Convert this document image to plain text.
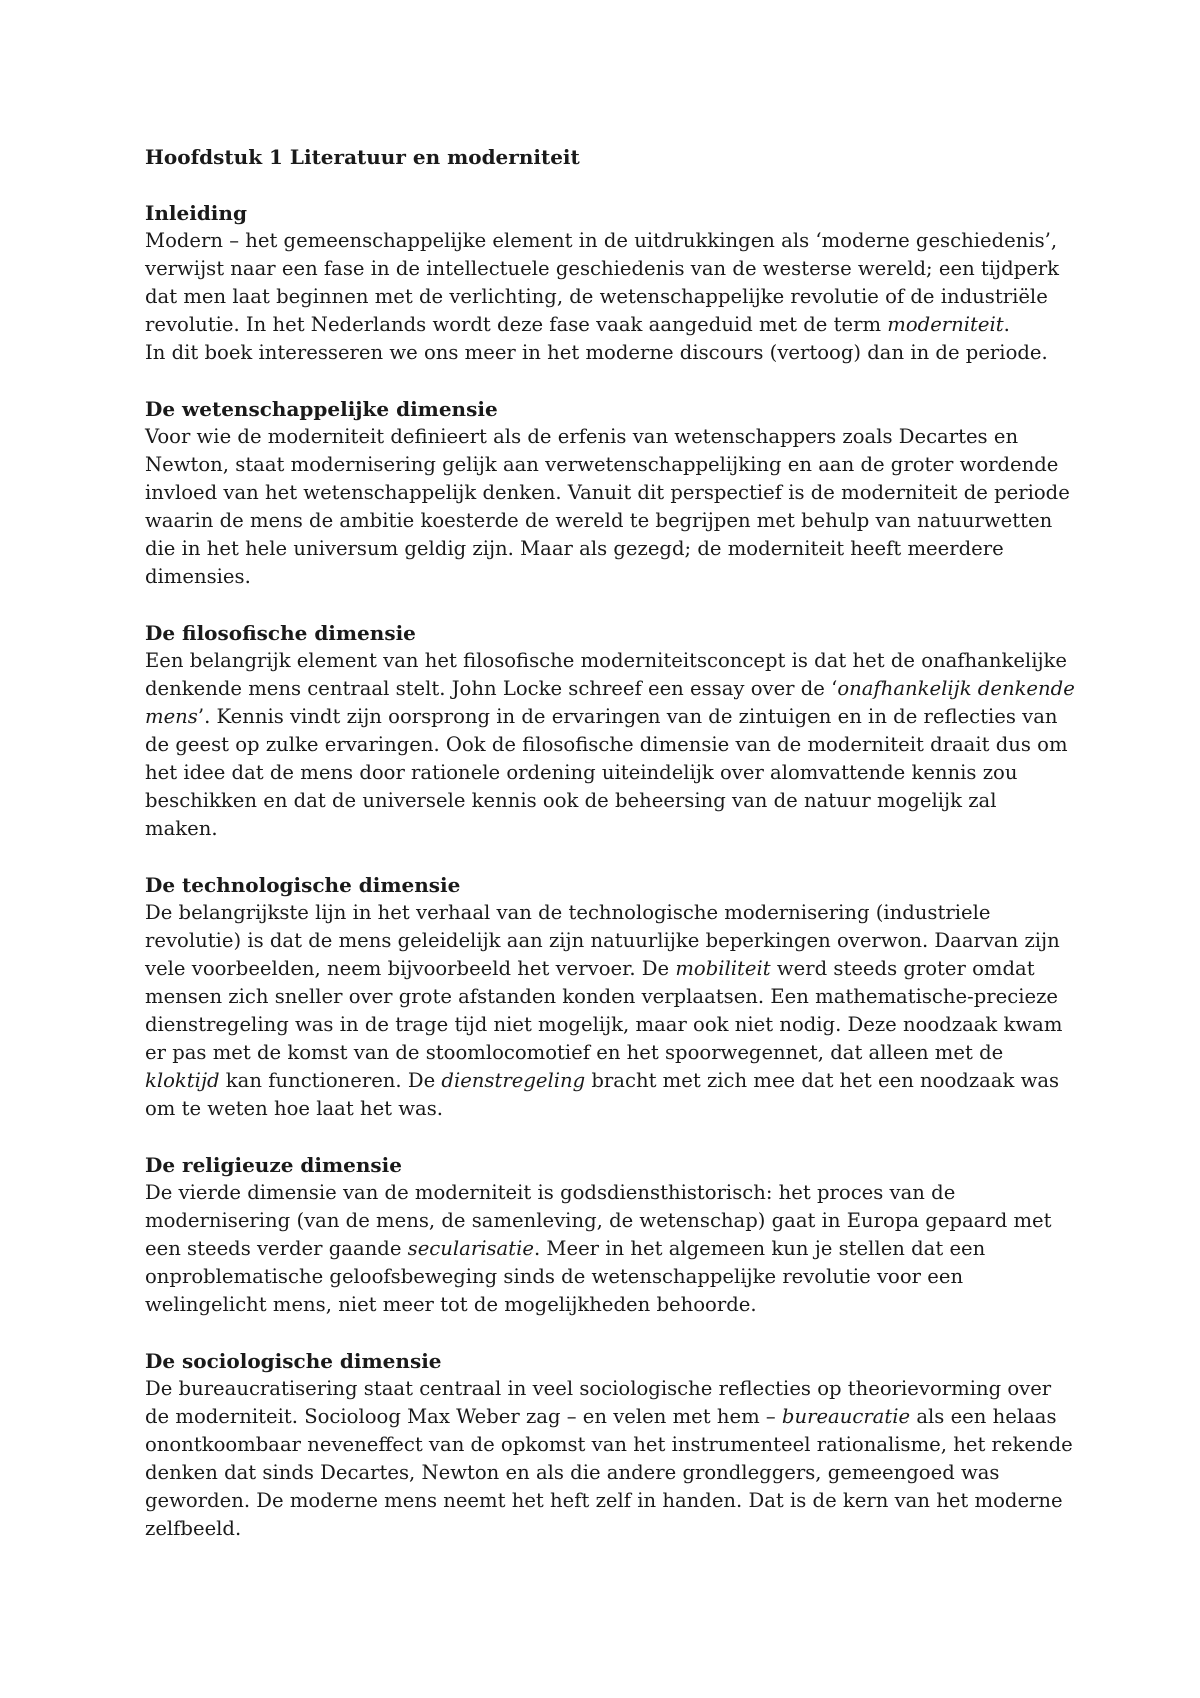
Hoofdstuk 1 Literatuur en moderniteit
Inleiding

Modern – het gemeenschappelijke element in de uitdrukkingen als ‘moderne geschiedenis’, verwijst naar een fase in de intellectuele geschiedenis van de westerse wereld; een tijdperk dat men laat beginnen met de verlichting, de wetenschappelijke revolutie of de industriële revolutie. In het Nederlands wordt deze fase vaak aangeduid met de term moderniteit.

In dit boek interesseren we ons meer in het moderne discours (vertoog) dan in de periode.

De wetenschappelijke dimensie

Voor wie de moderniteit definieert als de erfenis van wetenschappers zoals Decartes en Newton, staat modernisering gelijk aan verwetenschappelijking en aan de groter wordende invloed van het wetenschappelijk denken. Vanuit dit perspectief is de moderniteit de periode waarin de mens de ambitie koesterde de wereld te begrijpen met behulp van natuurwetten die in het hele universum geldig zijn. Maar als gezegd; de moderniteit heeft meerdere dimensies.

De filosofische dimensie

Een belangrijk element van het filosofische moderniteitsconcept is dat het de onafhankelijke denkende mens centraal stelt. John Locke schreef een essay over de ‘onafhankelijk denkende mens’. Kennis vindt zijn oorsprong in de ervaringen van de zintuigen en in de reflecties van de geest op zulke ervaringen. Ook de filosofische dimensie van de moderniteit draait dus om het idee dat de mens door rationele ordening uiteindelijk over alomvattende kennis zou beschikken en dat de universele kennis ook de beheersing van de natuur mogelijk zal maken.

De technologische dimensie

De belangrijkste lijn in het verhaal van de technologische modernisering (industriele revolutie) is dat de mens geleidelijk aan zijn natuurlijke beperkingen overwon. Daarvan zijn vele voorbeelden, neem bijvoorbeeld het vervoer. De mobiliteit werd steeds groter omdat mensen zich sneller over grote afstanden konden verplaatsen. Een mathematische-precieze dienstregeling was in de trage tijd niet mogelijk, maar ook niet nodig. Deze noodzaak kwam er pas met de komst van de stoomlocomotief en het spoorwegennet, dat alleen met de kloktijd kan functioneren. De dienstregeling bracht met zich mee dat het een noodzaak was om te weten hoe laat het was.

De religieuze dimensie

De vierde dimensie van de moderniteit is godsdiensthistorisch: het proces van de modernisering (van de mens, de samenleving, de wetenschap) gaat in Europa gepaard met een steeds verder gaande secularisatie. Meer in het algemeen kun je stellen dat een onproblematische geloofsbeweging sinds de wetenschappelijke revolutie voor een welingelicht mens, niet meer tot de mogelijkheden behoorde.

De sociologische dimensie

De bureaucratisering staat centraal in veel sociologische reflecties op theorievorming over de moderniteit. Socioloog Max Weber zag – en velen met hem – bureaucratie als een helaas onontkoombaar neveneffect van de opkomst van het instrumenteel rationalisme, het rekende denken dat sinds Decartes, Newton en als die andere grondleggers, gemeengoed was geworden. De moderne mens neemt het heft zelf in handen. Dat is de kern van het moderne zelfbeeld.
